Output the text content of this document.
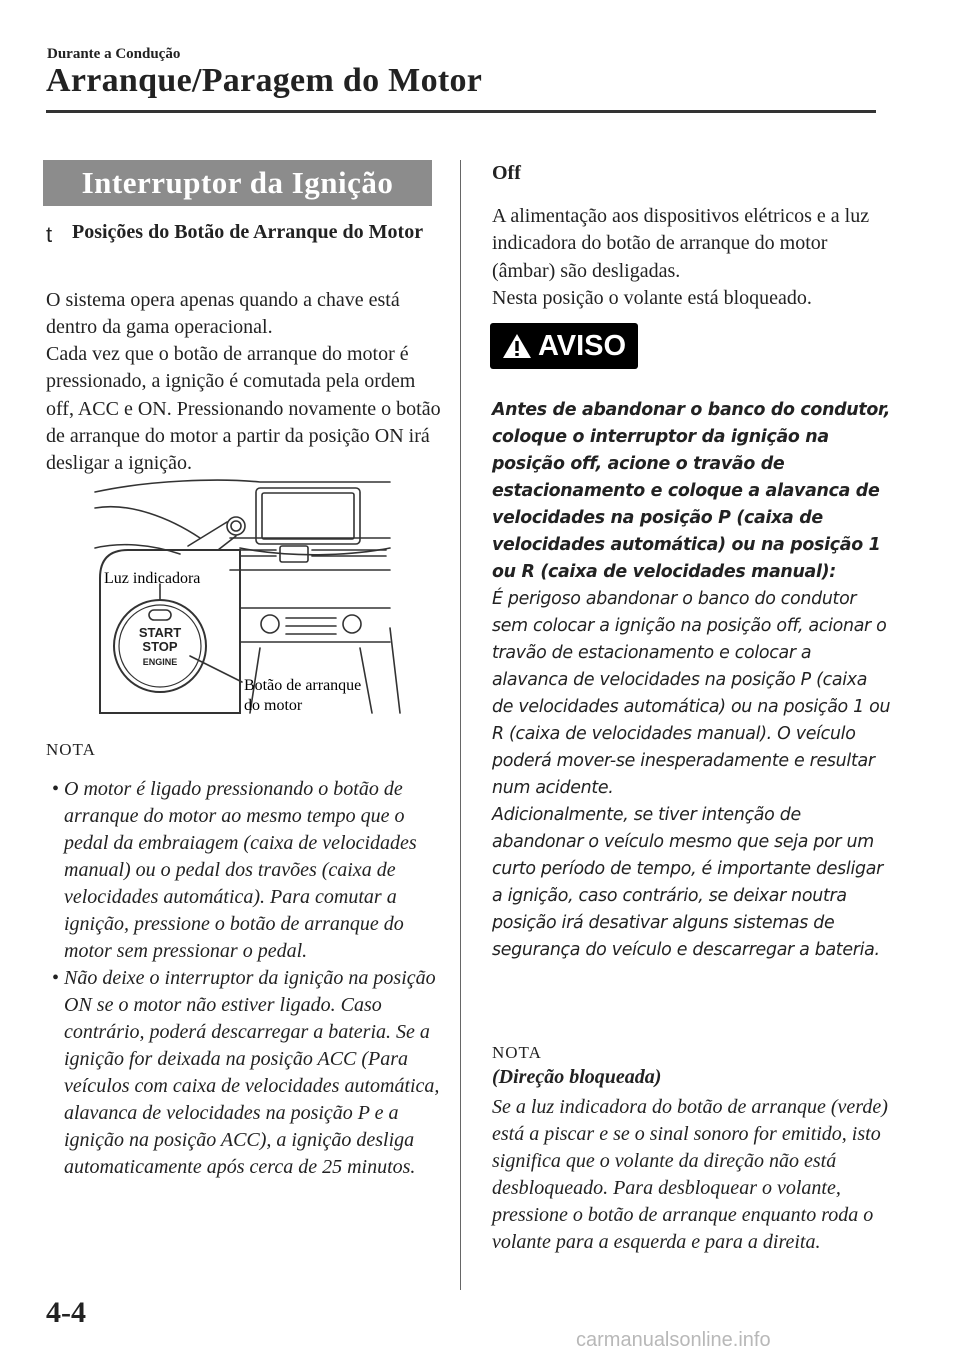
Durante a Condução
Arranque/Paragem do Motor
Interruptor da Ignição
t Posições do Botão de Arranque do Motor
O sistema opera apenas quando a chave está dentro da gama operacional.
Cada vez que o botão de arranque do motor é pressionado, a ignição é comutada pela ordem off, ACC e ON. Pressionando novamente o botão de arranque do motor a partir da posição ON irá desligar a ignição.
START
STOP
ENGINE
Luz indicadora
Botão de arranque
do motor
NOTA
• O motor é ligado pressionando o botão de arranque do motor ao mesmo tempo que o pedal da embraiagem (caixa de velocidades manual) ou o pedal dos travões (caixa de velocidades automática). Para comutar a ignição, pressione o botão de arranque do motor sem pressionar o pedal.
• Não deixe o interruptor da ignição na posição ON se o motor não estiver ligado. Caso contrário, poderá descarregar a bateria. Se a ignição for deixada na posição ACC (Para veículos com caixa de velocidades automática, alavanca de velocidades na posição P e a ignição na posição ACC), a ignição desliga automaticamente após cerca de 25 minutos.
Off
A alimentação aos dispositivos elétricos e a luz indicadora do botão de arranque do motor (âmbar) são desligadas.
Nesta posição o volante está bloqueado.
AVISO
Antes de abandonar o banco do condutor, coloque o interruptor da ignição na posição off, acione o travão de estacionamento e coloque a alavanca de velocidades na posição P (caixa de velocidades automática) ou na posição 1 ou R (caixa de velocidades manual):

É perigoso abandonar o banco do condutor sem colocar a ignição na posição off, acionar o travão de estacionamento e colocar a alavanca de velocidades na posição P (caixa de velocidades automática) ou na posição 1 ou R (caixa de velocidades manual). O veículo poderá mover-se inesperadamente e resultar num acidente.

Adicionalmente, se tiver intenção de abandonar o veículo mesmo que seja por um curto período de tempo, é importante desligar a ignição, caso contrário, se deixar noutra posição irá desativar alguns sistemas de segurança do veículo e descarregar a bateria.

NOTA
(Direção bloqueada)
Se a luz indicadora do botão de arranque (verde) está a piscar e se o sinal sonoro for emitido, isto significa que o volante da direção não está desbloqueado. Para desbloquear o volante, pressione o botão de arranque enquanto roda o volante para a esquerda e para a direita.
4-4
carmanualsonline.info
